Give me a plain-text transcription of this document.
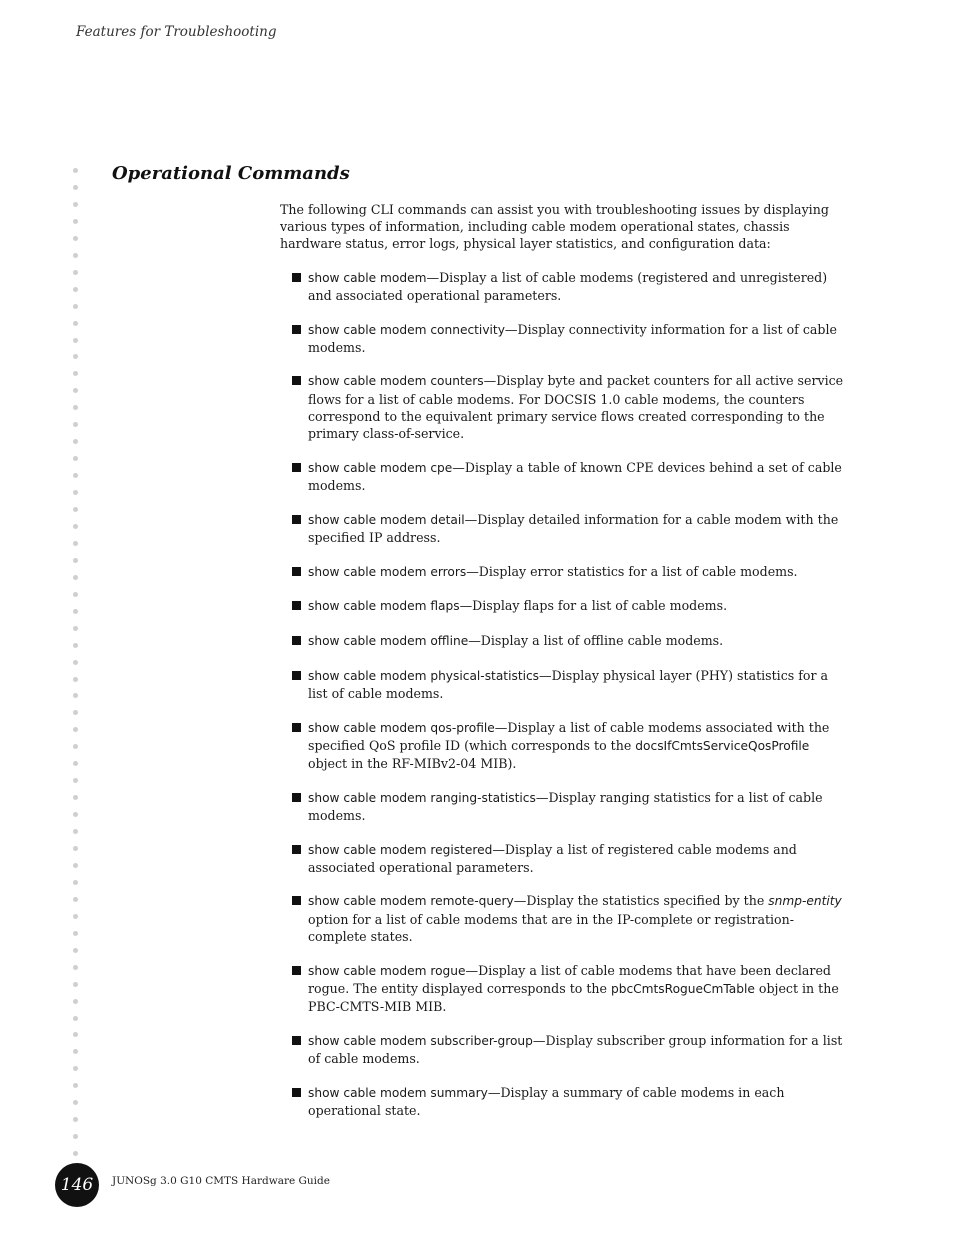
Features for Troubleshooting
Operational Commands

The following CLI commands can assist you with troubleshooting issues by displaying various types of information, including cable modem operational states, chassis hardware status, error logs, physical layer statistics, and configuration data:

show cable modem—Display a list of cable modems (registered and unregistered) and associated operational parameters.
show cable modem connectivity—Display connectivity information for a list of cable modems.
show cable modem counters—Display byte and packet counters for all active service flows for a list of cable modems. For DOCSIS 1.0 cable modems, the counters correspond to the equivalent primary service flows created corresponding to the primary class-of-service.
show cable modem cpe—Display a table of known CPE devices behind a set of cable modems.
show cable modem detail—Display detailed information for a cable modem with the specified IP address.
show cable modem errors—Display error statistics for a list of cable modems.
show cable modem flaps—Display flaps for a list of cable modems.
show cable modem offline—Display a list of offline cable modems.
show cable modem physical-statistics—Display physical layer (PHY) statistics for a list of cable modems.
show cable modem qos-profile—Display a list of cable modems associated with the specified QoS profile ID (which corresponds to the docsIfCmtsServiceQosProfile object in the RF-MIBv2-04 MIB).
show cable modem ranging-statistics—Display ranging statistics for a list of cable modems.
show cable modem registered—Display a list of registered cable modems and associated operational parameters.
show cable modem remote-query—Display the statistics specified by the snmp-entity option for a list of cable modems that are in the IP-complete or registration-complete states.
show cable modem rogue—Display a list of cable modems that have been declared rogue. The entity displayed corresponds to the pbcCmtsRogueCmTable object in the PBC-CMTS-MIB MIB.
show cable modem subscriber-group—Display subscriber group information for a list of cable modems.
show cable modem summary—Display a summary of cable modems in each operational state.
146	JUNOSg 3.0 G10 CMTS Hardware Guide
